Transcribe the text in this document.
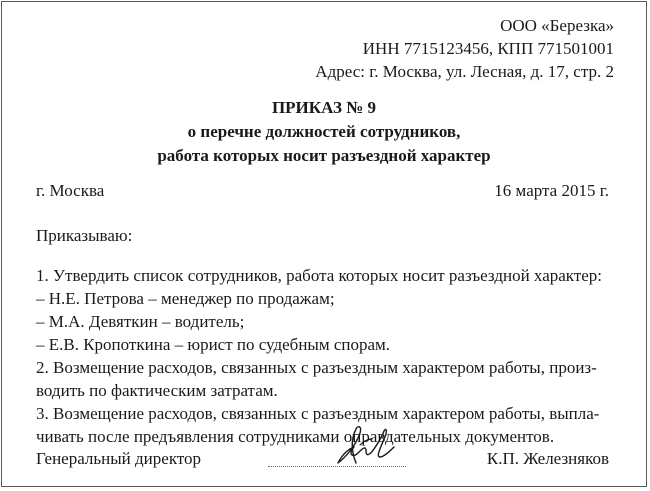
ООО «Березка»
ИНН 7715123456, КПП 771501001
Адрес: г. Москва, ул. Лесная, д. 17, стр. 2
ПРИКАЗ № 9
о перечне должностей сотрудников,
работа которых носит разъездной характер
г. Москва	16 марта 2015 г.
Приказываю:
1. Утвердить список сотрудников, работа которых носит разъездной характер:
– Н.Е. Петрова – менеджер по продажам;
– М.А. Девяткин – водитель;
– Е.В. Кропоткина – юрист по судебным спорам.
2. Возмещение расходов, связанных с разъездным характером работы, произ-
водить по фактическим затратам.
3. Возмещение расходов, связанных с разъездным характером работы, выпла-
чивать после предъявления сотрудниками оправдательных документов.
Генеральный директор	К.П. Железняков
